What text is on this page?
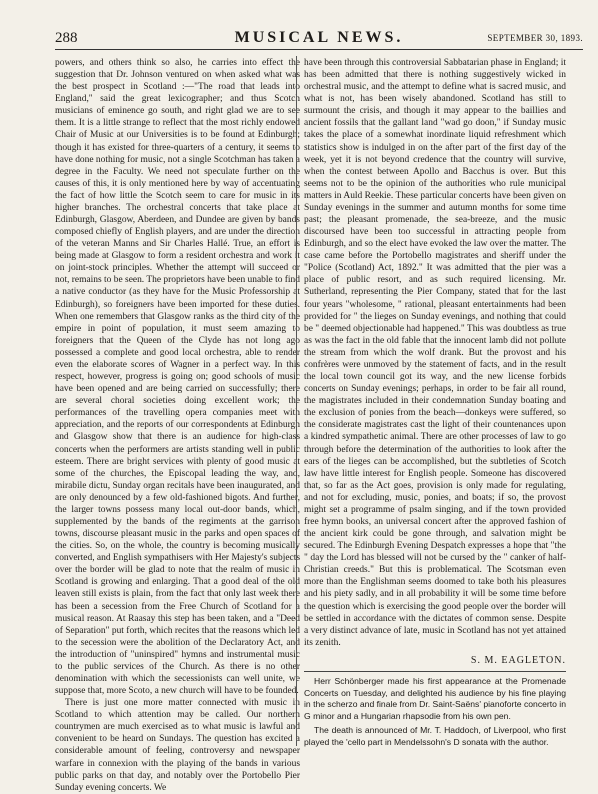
288	MUSICAL NEWS.	SEPTEMBER 30, 1893.

powers, and others think so also, he carries into effect the suggestion that Dr. Johnson ventured on when asked what was the best prospect in Scotland :—"The road that leads into England," said the great lexicographer; and thus Scotch musicians of eminence go south, and right glad we are to see them. It is a little strange to reflect that the most richly endowed Chair of Music at our Universities is to be found at Edinburgh; though it has existed for three-quarters of a century, it seems to have done nothing for music, not a single Scotchman has taken a degree in the Faculty. We need not speculate further on the causes of this, it is only mentioned here by way of accentuating the fact of how little the Scotch seem to care for music in its higher branches. The orchestral concerts that take place at Edinburgh, Glasgow, Aberdeen, and Dundee are given by bands composed chiefly of English players, and are under the direction of the veteran Manns and Sir Charles Hallé. True, an effort is being made at Glasgow to form a resident orchestra and work it on joint-stock principles. Whether the attempt will succeed or not, remains to be seen. The proprietors have been unable to find a native conductor (as they have for the Music Professorship at Edinburgh), so foreigners have been imported for these duties. When one remembers that Glasgow ranks as the third city of the empire in point of population, it must seem amazing to foreigners that the Queen of the Clyde has not long ago possessed a complete and good local orchestra, able to render even the elaborate scores of Wagner in a perfect way. In this respect, however, progress is going on; good schools of music have been opened and are being carried on successfully; there are several choral societies doing excellent work; the performances of the travelling opera companies meet with appreciation, and the reports of our correspondents at Edinburgh and Glasgow show that there is an audience for high-class concerts when the performers are artists standing well in public esteem. There are bright services with plenty of good music at some of the churches, the Episcopal leading the way, and, mirabile dictu, Sunday organ recitals have been inaugurated, and are only denounced by a few old-fashioned bigots. And further, the larger towns possess many local out-door bands, which, supplemented by the bands of the regiments at the garrison towns, discourse pleasant music in the parks and open spaces of the cities. So, on the whole, the country is becoming musically converted, and English sympathisers with Her Majesty's subjects over the border will be glad to note that the realm of music in Scotland is growing and enlarging. That a good deal of the old leaven still exists is plain, from the fact that only last week there has been a secession from the Free Church of Scotland for a musical reason. At Raasay this step has been taken, and a "Deed of Separation" put forth, which recites that the reasons which led to the secession were the abolition of the Declaratory Act, and the introduction of "uninspired" hymns and instrumental music to the public services of the Church. As there is no other denomination with which the secessionists can well unite, we suppose that, more Scoto, a new church will have to be founded.

There is just one more matter connected with music in Scotland to which attention may be called. Our northern countrymen are much exercised as to what music is lawful and convenient to be heard on Sundays. The question has excited a considerable amount of feeling, controversy and newspaper warfare in connexion with the playing of the bands in various public parks on that day, and notably over the Portobello Pier Sunday evening concerts. We

have been through this controversial Sabbatarian phase in England; it has been admitted that there is nothing suggestively wicked in orchestral music, and the attempt to define what is sacred music, and what is not, has been wisely abandoned. Scotland has still to surmount the crisis, and though it may appear to the baillies and ancient fossils that the gallant land "wad go doon," if Sunday music takes the place of a somewhat inordinate liquid refreshment which statistics show is indulged in on the after part of the first day of the week, yet it is not beyond credence that the country will survive, when the contest between Apollo and Bacchus is over. But this seems not to be the opinion of the authorities who rule municipal matters in Auld Reekie. These particular concerts have been given on Sunday evenings in the summer and autumn months for some time past; the pleasant promenade, the sea-breeze, and the music discoursed have been too successful in attracting people from Edinburgh, and so the elect have evoked the law over the matter. The case came before the Portobello magistrates and sheriff under the "Police (Scotland) Act, 1892." It was admitted that the pier was a place of public resort, and as such required licensing. Mr. Sutherland, representing the Pier Company, stated that for the last four years "wholesome, " rational, pleasant entertainments had been provided for " the lieges on Sunday evenings, and nothing that could be " deemed objectionable had happened." This was doubtless as true as was the fact in the old fable that the innocent lamb did not pollute the stream from which the wolf drank. But the provost and his confrères were unmoved by the statement of facts, and in the result the local town council got its way, and the new license forbids concerts on Sunday evenings; perhaps, in order to be fair all round, the magistrates included in their condemnation Sunday boating and the exclusion of ponies from the beach—donkeys were suffered, so the considerate magistrates cast the light of their countenances upon a kindred sympathetic animal. There are other processes of law to go through before the determination of the authorities to look after the ears of the lieges can be accomplished, but the subtleties of Scotch law have little interest for English people. Someone has discovered that, so far as the Act goes, provision is only made for regulating, and not for excluding, music, ponies, and boats; if so, the provost might set a programme of psalm singing, and if the town provided free hymn books, an universal concert after the approved fashion of the ancient kirk could be gone through, and salvation might be secured. The Edinburgh Evening Despatch expresses a hope that "the " day the Lord has blessed will not be cursed by the " canker of half-Christian creeds." But this is problematical. The Scotsman even more than the Englishman seems doomed to take both his pleasures and his piety sadly, and in all probability it will be some time before the question which is exercising the good people over the border will be settled in accordance with the dictates of common sense. Despite a very distinct advance of late, music in Scotland has not yet attained its zenith.

S. M. EAGLETON.

Herr Schönberger made his first appearance at the Promenade Concerts on Tuesday, and delighted his audience by his fine playing in the scherzo and finale from Dr. Saint-Saëns' pianoforte concerto in G minor and a Hungarian rhapsodie from his own pen.

The death is announced of Mr. T. Haddoch, of Liverpool, who first played the 'cello part in Mendelssohn's D sonata with the author.
